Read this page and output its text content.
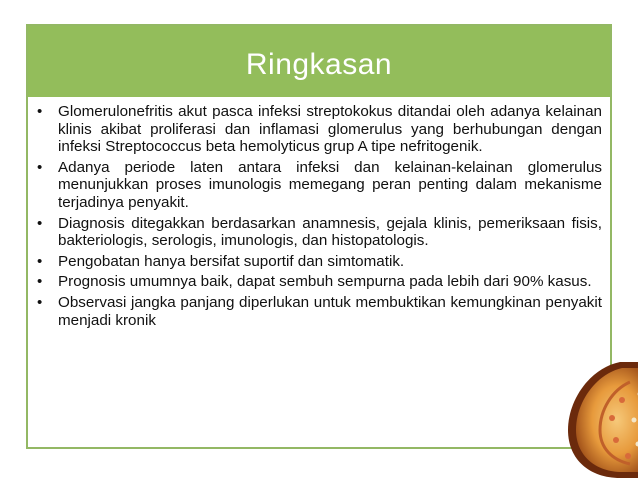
Ringkasan
• Glomerulonefritis akut pasca infeksi streptokokus ditandai oleh adanya kelainan klinis akibat proliferasi dan inflamasi glomerulus yang berhubungan dengan infeksi Streptococcus beta hemolyticus grup A tipe nefritogenik.
• Adanya periode laten antara infeksi dan kelainan-kelainan glomerulus menunjukkan proses imunologis memegang peran penting dalam mekanisme terjadinya penyakit.
• Diagnosis ditegakkan berdasarkan anamnesis, gejala klinis, pemeriksaan fisis, bakteriologis, serologis, imunologis, dan histopatologis.
• Pengobatan hanya bersifat suportif dan simtomatik.
• Prognosis umumnya baik, dapat sembuh sempurna pada lebih dari 90% kasus.
• Observasi jangka panjang diperlukan untuk membuktikan kemungkinan penyakit menjadi kronik
